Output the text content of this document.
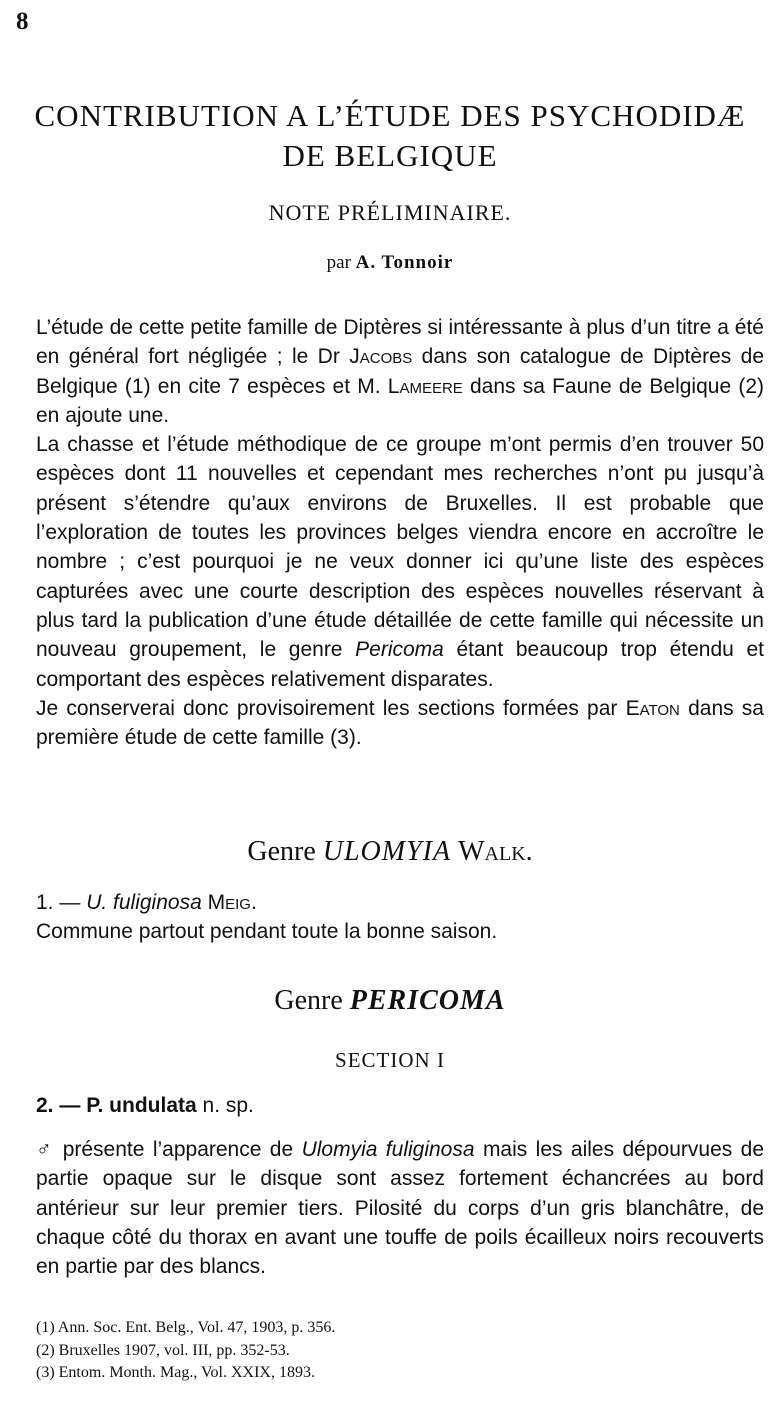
8
CONTRIBUTION A L’ÉTUDE DES PSYCHODIDÆ
DE BELGIQUE
NOTE PRÉLIMINAIRE.
par A. Tonnoir

L’étude de cette petite famille de Diptères si intéressante à plus d’un titre a été en général fort négligée ; le Dr Jacobs dans son catalogue de Diptères de Belgique (1) en cite 7 espèces et M. Lameere dans sa Faune de Belgique (2) en ajoute une.

La chasse et l’étude méthodique de ce groupe m’ont permis d’en trouver 50 espèces dont 11 nouvelles et cependant mes recherches n’ont pu jusqu’à présent s’étendre qu’aux environs de Bruxelles. Il est probable que l’exploration de toutes les provinces belges viendra encore en accroître le nombre ; c’est pourquoi je ne veux donner ici qu’une liste des espèces capturées avec une courte description des espèces nouvelles réservant à plus tard la publication d’une étude détaillée de cette famille qui nécessite un nouveau groupement, le genre Pericoma étant beaucoup trop étendu et comportant des espèces relativement disparates.

Je conserverai donc provisoirement les sections formées par Eaton dans sa première étude de cette famille (3).

Genre ULOMYIA Walk.

1. — U. fuliginosa Meig.

Commune partout pendant toute la bonne saison.

Genre PERICOMA
SECTION I
2. — P. undulata n. sp.

♂ présente l’apparence de Ulomyia fuliginosa mais les ailes dépourvues de partie opaque sur le disque sont assez fortement échancrées au bord antérieur sur leur premier tiers. Pilosité du corps d’un gris blanchâtre, de chaque côté du thorax en avant une touffe de poils écailleux noirs recouverts en partie par des blancs.

(1) Ann. Soc. Ent. Belg., Vol. 47, 1903, p. 356.
(2) Bruxelles 1907, vol. III, pp. 352-53.
(3) Entom. Month. Mag., Vol. XXIX, 1893.
